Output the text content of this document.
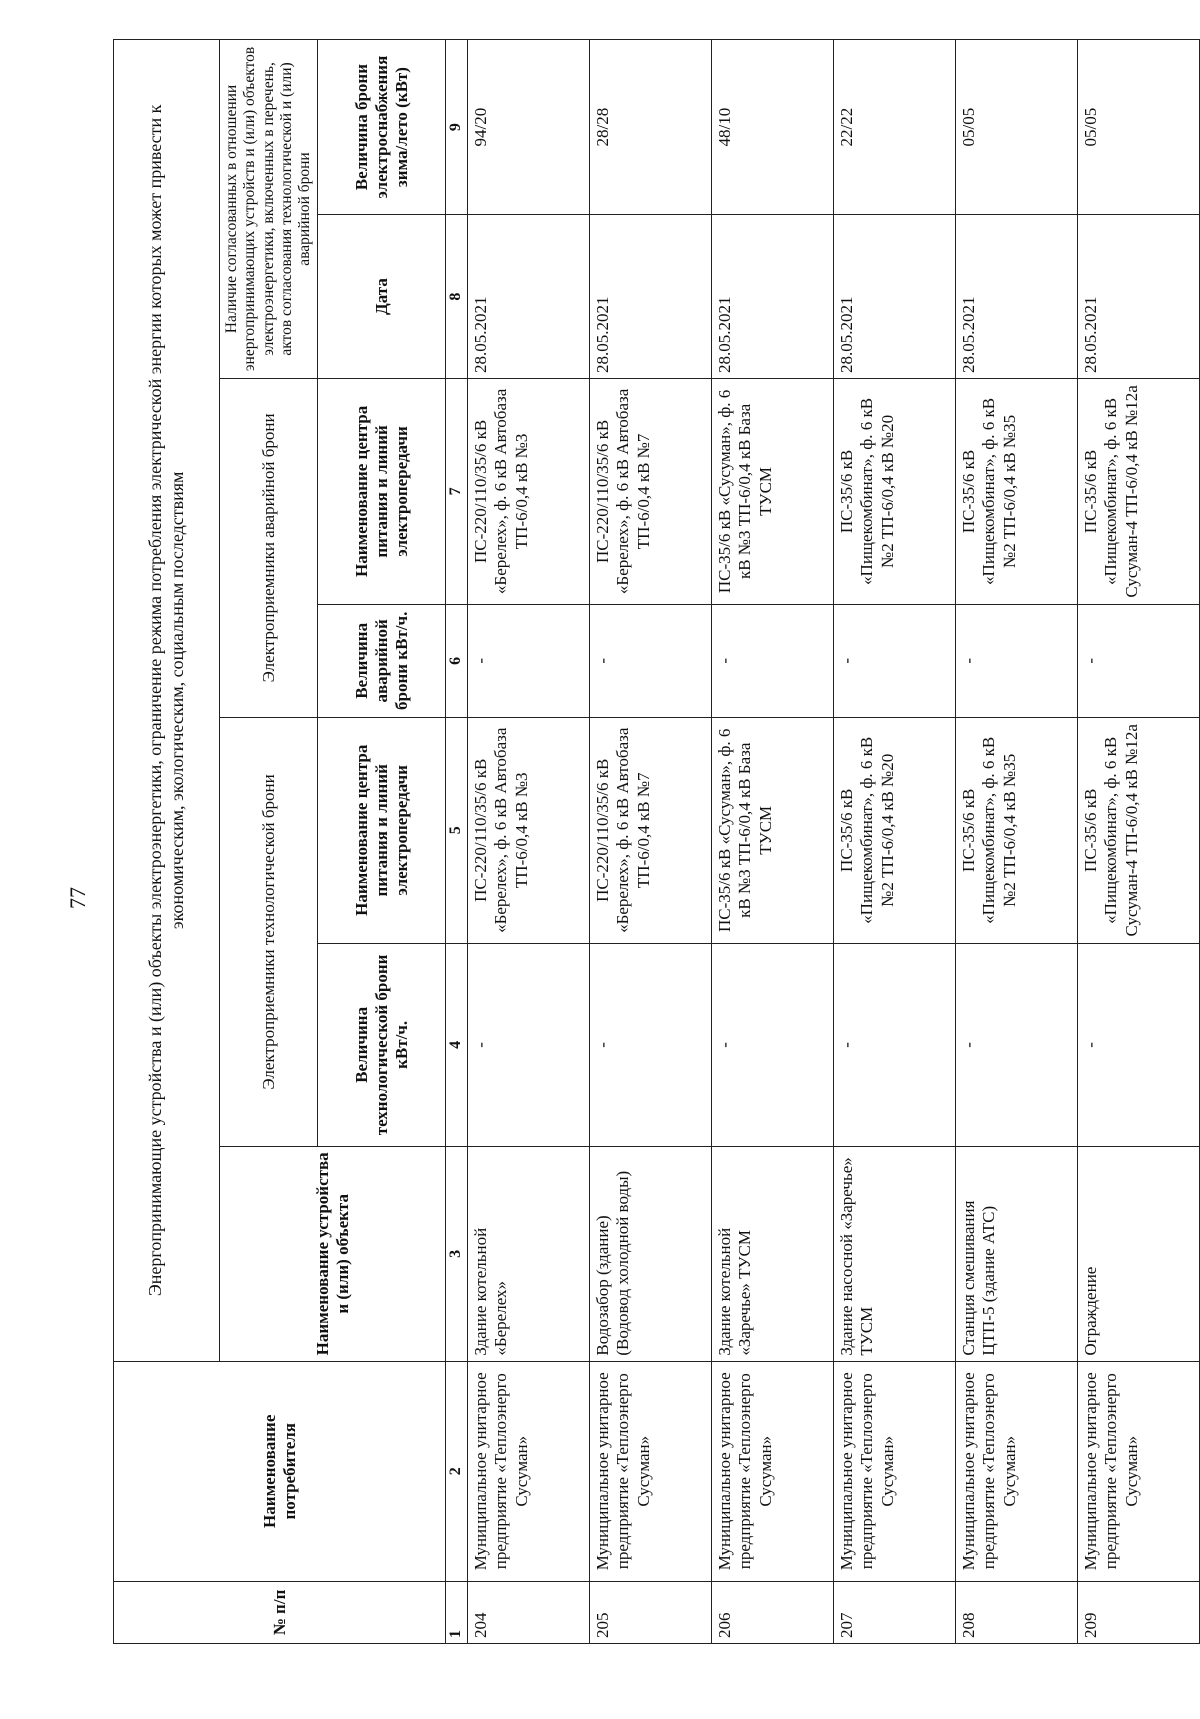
77
№ п/п	Наименование потребителя	Энергопринимающие устройства и (или) объекты электроэнергетики, ограничение режима потребления электрической энергии которых может привести к экономическим, экологическим, социальным последствиям						
		Наименование устройства и (или) объекта	Электроприемники технологической брони		Электроприемники аварийной брони		Наличие согласованных в отношении энергопринимающих устройств и (или) объектов электроэнергетики, включенных в перечень, актов согласования технологической и (или) аварийной брони	
			Величина технологической брони кВт/ч.	Наименование центра питания и линий электропередачи	Величина аварийной брони кВт/ч.	Наименование центра питания и линий электропередачи	Дата	Величина брони электроснабжения зима/лето (кВт)
1	2	3	4	5	6	7	8	9
204	Муниципальное унитарное предприятие «Теплоэнерго Сусуман»	Здание котельной «Берелех»	-	ПС-220/110/35/6 кВ «Берелех», ф. 6 кВ Автобаза ТП-6/0,4 кВ №3	-	ПС-220/110/35/6 кВ «Берелех», ф. 6 кВ Автобаза ТП-6/0,4 кВ №3	28.05.2021	94/20
205	Муниципальное унитарное предприятие «Теплоэнерго Сусуман»	Водозабор (здание) (Водовод холодной воды)	-	ПС-220/110/35/6 кВ «Берелех», ф. 6 кВ Автобаза ТП-6/0,4 кВ №7	-	ПС-220/110/35/6 кВ «Берелех», ф. 6 кВ Автобаза ТП-6/0,4 кВ №7	28.05.2021	28/28
206	Муниципальное унитарное предприятие «Теплоэнерго Сусуман»	Здание котельной «Заречье» ТУСМ	-	ПС-35/6 кВ «Сусуман», ф. 6 кВ №3 ТП-6/0,4 кВ База ТУСМ	-	ПС-35/6 кВ «Сусуман», ф. 6 кВ №3 ТП-6/0,4 кВ База ТУСМ	28.05.2021	48/10
207	Муниципальное унитарное предприятие «Теплоэнерго Сусуман»	Здание насосной «Заречье» ТУСМ	-	ПС-35/6 кВ «Пищекомбинат», ф. 6 кВ №2 ТП-6/0,4 кВ №20	-	ПС-35/6 кВ «Пищекомбинат», ф. 6 кВ №2 ТП-6/0,4 кВ №20	28.05.2021	22/22
208	Муниципальное унитарное предприятие «Теплоэнерго Сусуман»	Станция смешивания ЦТП-5 (здание АТС)	-	ПС-35/6 кВ «Пищекомбинат», ф. 6 кВ №2 ТП-6/0,4 кВ №35	-	ПС-35/6 кВ «Пищекомбинат», ф. 6 кВ №2 ТП-6/0,4 кВ №35	28.05.2021	05/05
209	Муниципальное унитарное предприятие «Теплоэнерго Сусуман»	Ограждение	-	ПС-35/6 кВ «Пищекомбинат», ф. 6 кВ Сусуман-4 ТП-6/0,4 кВ №12а	-	ПС-35/6 кВ «Пищекомбинат», ф. 6 кВ Сусуман-4 ТП-6/0,4 кВ №12а	28.05.2021	05/05
